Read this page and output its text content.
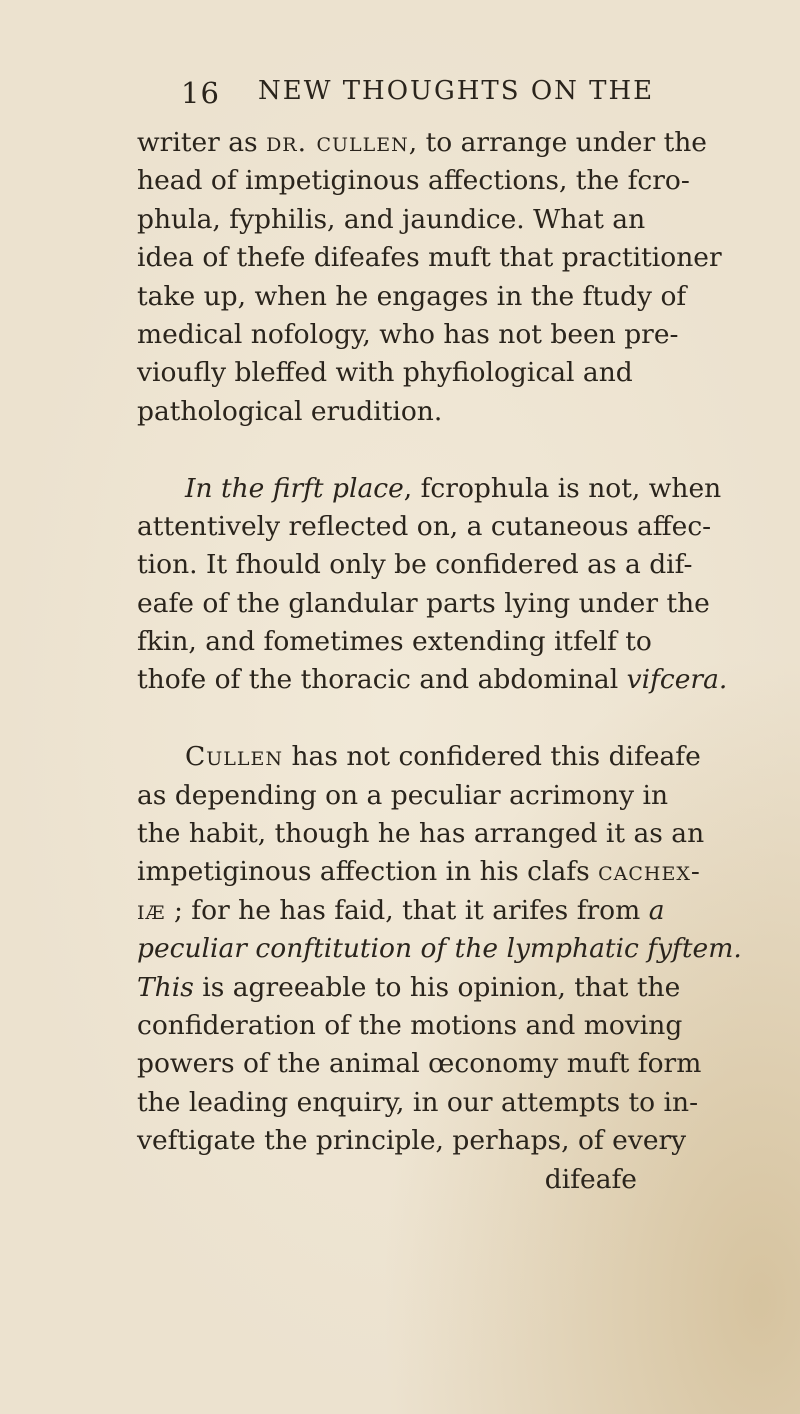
16 NEW THOUGHTS ON THE
writer as dr. cullen, to arrange under the
head of impetiginous affections, the fcro-
phula, fyphilis, and jaundice. What an
idea of thefe difeafes muft that practitioner
take up, when he engages in the ftudy of
medical nofology, who has not been pre-
vioufly bleffed with phyfiological and
pathological erudition.
In the firft place, fcrophula is not, when
attentively reflected on, a cutaneous affec-
tion. It fhould only be confidered as a dif-
eafe of the glandular parts lying under the
fkin, and fometimes extending itfelf to
thofe of the thoracic and abdominal vifcera.
Cullen has not confidered this difeafe
as depending on a peculiar acrimony in
the habit, though he has arranged it as an
impetiginous affection in his clafs cachex-
iæ ; for he has faid, that it arifes from a
peculiar conftitution of the lymphatic fyftem.
This is agreeable to his opinion, that the
confideration of the motions and moving
powers of the animal œconomy muft form
the leading enquiry, in our attempts to in-
veftigate the principle, perhaps, of every
difeafe
